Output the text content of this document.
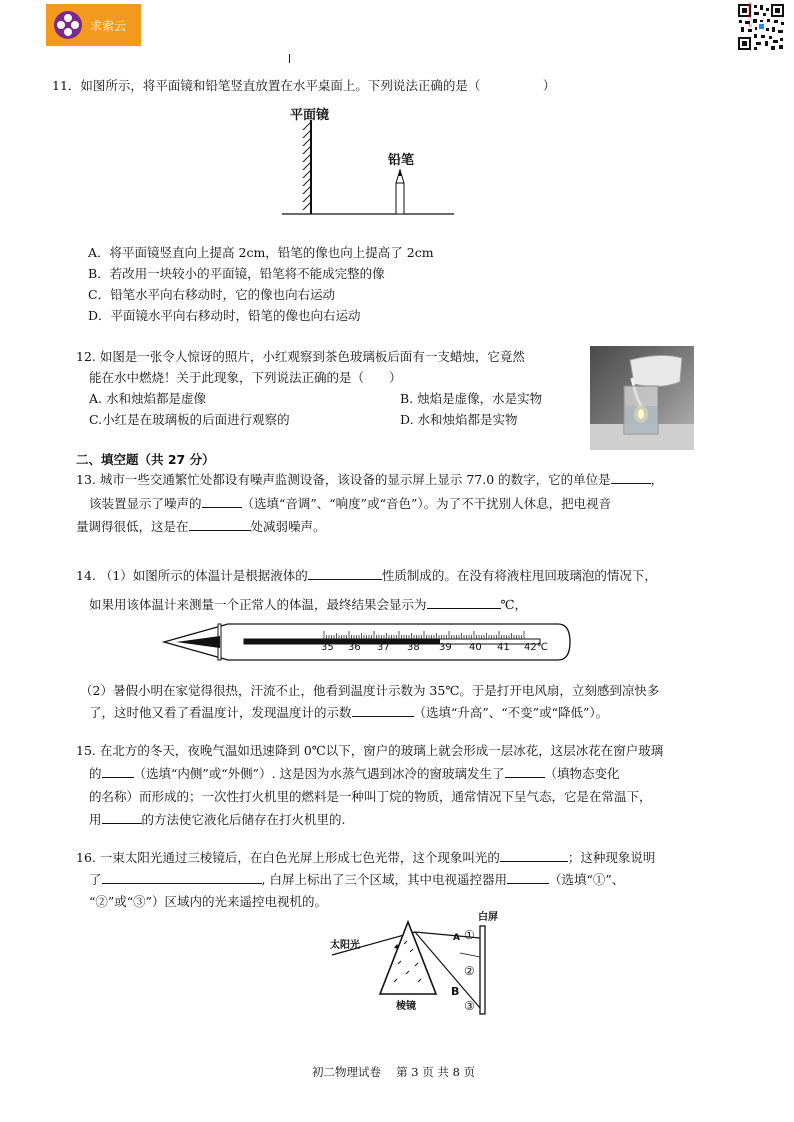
求索云	ot·小程序搜索
11．如图所示，将平面镜和铅笔竖直放置在水平桌面上。下列说法正确的是（　　　　　）
平面镜
铅笔
A．将平面镜竖直向上提高 2cm，铅笔的像也向上提高了 2cm
B．若改用一块较小的平面镜，铅笔将不能成完整的像
C．铅笔水平向右移动时，它的像也向右运动
D．平面镜水平向右移动时，铅笔的像也向右运动
12. 如图是一张令人惊讶的照片，小红观察到茶色玻璃板后面有一支蜡烛，它竟然
能在水中燃烧！关于此现象，下列说法正确的是（　　）
A. 水和烛焰都是虚像	B. 烛焰是虚像，水是实物
C.小红是在玻璃板的后面进行观察的	D. 水和烛焰都是实物
二、填空题（共 27 分）
13. 城市一些交通繁忙处都设有噪声监测设备，该设备的显示屏上显示 77.0 的数字，它的单位是	，
该装置显示了噪声的	（选填“音调”、“响度”或“音色”）。为了不干扰别人休息，把电视音
量调得很低，这是在	处减弱噪声。
14. （1）如图所示的体温计是根据液体的	性质制成的。在没有将液柱甩回玻璃泡的情况下，
如果用该体温计来测量一个正常人的体温，最终结果会显示为	℃，
35 36 37 38 39 40 41 42℃
（2）暑假小明在家觉得很热，汗流不止，他看到温度计示数为 35℃。于是打开电风扇，立刻感到凉快多
了，这时他又看了看温度计，发现温度计的示数	（选填“升高”、“不变”或“降低”）。
15. 在北方的冬天，夜晚气温如迅速降到 0℃以下，窗户的玻璃上就会形成一层冰花，这层冰花在窗户玻璃
的	（选填“内侧”或“外侧”）. 这是因为水蒸气遇到冰冷的窗玻璃发生了	（填物态变化
的名称）而形成的；一次性打火机里的燃料是一种叫丁烷的物质，通常情况下呈气态，它是在常温下，
用	的方法使它液化后储存在打火机里的.
16. 一束太阳光通过三棱镜后，在白色光屏上形成七色光带，这个现象叫光的	；这种现象说明
了	, 白屏上标出了三个区域，其中电视遥控器用	（选填“①”、
“②”或“③”）区域内的光来遥控电视机的。
白屏
太阳光
棱镜
A
B
①
②
③
初二物理试卷　 第 3 页 共 8 页
